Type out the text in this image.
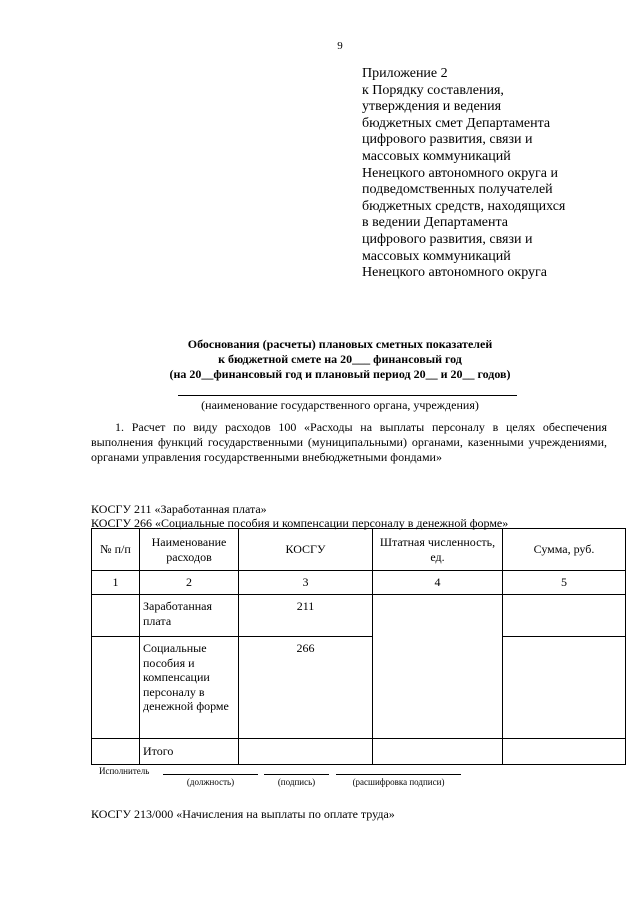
9
Приложение 2
к Порядку составления,
утверждения и ведения
бюджетных смет Департамента
цифрового развития, связи и
массовых коммуникаций
Ненецкого автономного округа и
подведомственных получателей
бюджетных средств, находящихся
в ведении Департамента
цифрового развития, связи и
массовых коммуникаций
Ненецкого автономного округа
Обоснования (расчеты) плановых сметных показателей
к бюджетной смете на 20___ финансовый год
(на 20__финансовый год и плановый период 20__ и 20__ годов)
(наименование государственного органа, учреждения)

1. Расчет по виду расходов 100 «Расходы на выплаты персоналу в целях обеспечения выполнения функций государственными (муниципальными) органами, казенными учреждениями, органами управления государственными внебюджетными фондами»

КОСГУ 211 «Заработанная плата»
КОСГУ 266 «Социальные пособия и компенсации персоналу в денежной форме»
№ п/п	Наименование расходов	КОСГУ	Штатная численность, ед.	Сумма, руб.
1	2	3	4	5
	Заработанная плата	211		
	Социальные пособия и компенсации персоналу в денежной форме	266		
	Итого			
Исполнитель
(должность)	(подпись)	(расшифровка подписи)
КОСГУ 213/000 «Начисления на выплаты по оплате труда»
